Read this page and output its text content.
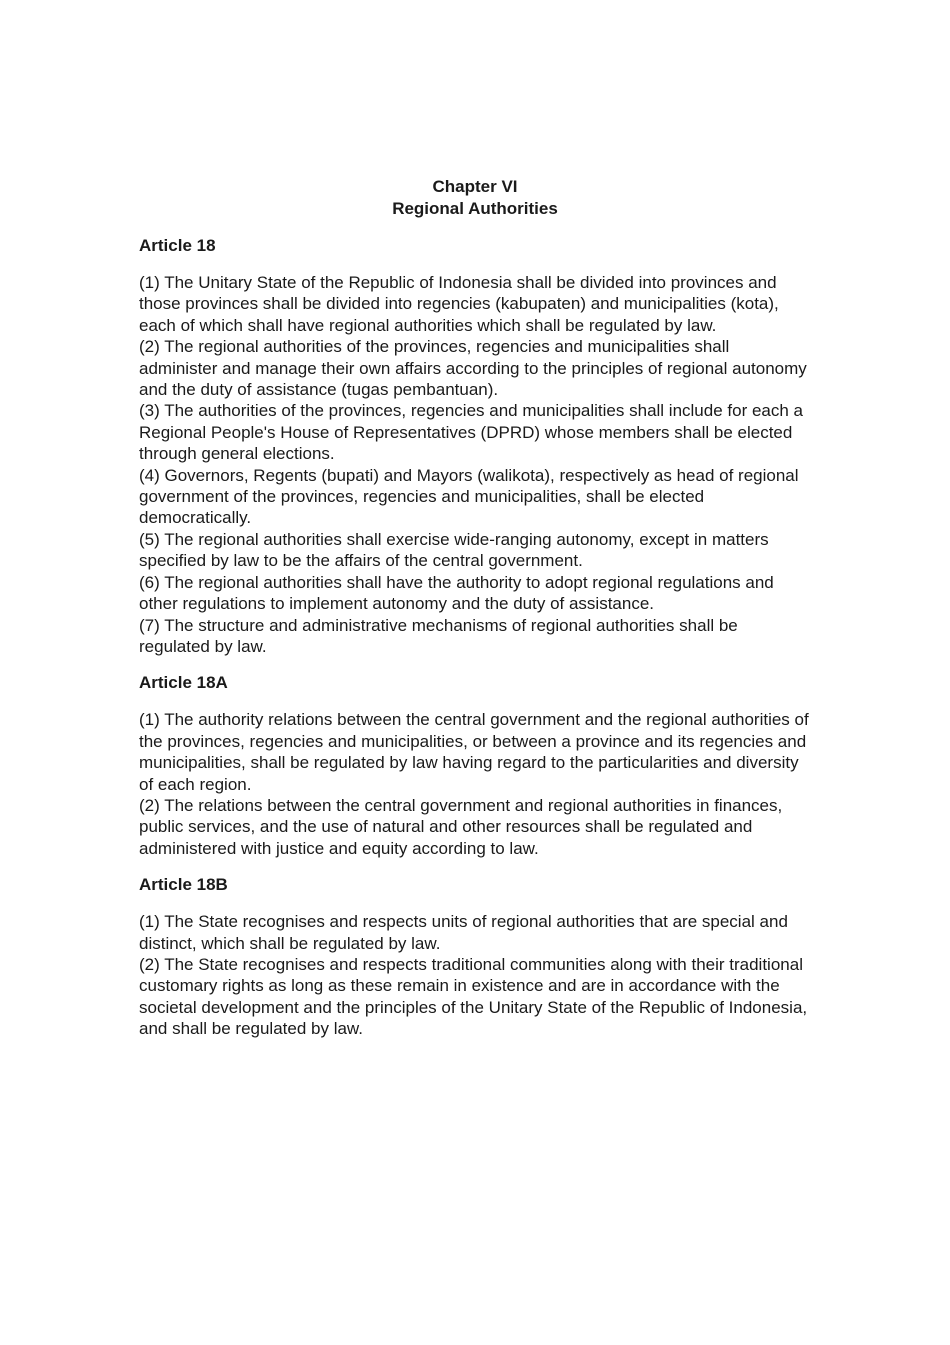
Chapter VI
Regional Authorities
Article 18
(1) The Unitary State of the Republic of Indonesia shall be divided into provinces and those provinces shall be divided into regencies (kabupaten) and municipalities (kota), each of which shall have regional authorities which shall be regulated by law.
(2) The regional authorities of the provinces, regencies and municipalities shall administer and manage their own affairs according to the principles of regional autonomy and the duty of assistance (tugas pembantuan).
(3) The authorities of the provinces, regencies and municipalities shall include for each a Regional People's House of Representatives (DPRD) whose members shall be elected through general elections.
(4) Governors, Regents (bupati) and Mayors (walikota), respectively as head of regional government of the provinces, regencies and municipalities, shall be elected democratically.
(5) The regional authorities shall exercise wide-ranging autonomy, except in matters specified by law to be the affairs of the central government.
(6) The regional authorities shall have the authority to adopt regional regulations and other regulations to implement autonomy and the duty of assistance.
(7) The structure and administrative mechanisms of regional authorities shall be regulated by law.
Article 18A
(1) The authority relations between the central government and the regional authorities of the provinces, regencies and municipalities, or between a province and its regencies and municipalities, shall be regulated by law having regard to the particularities and diversity of each region.
(2) The relations between the central government and regional authorities in finances, public services, and the use of natural and other resources shall be regulated and administered with justice and equity according to law.
Article 18B
(1) The State recognises and respects units of regional authorities that are special and distinct, which shall be regulated by law.
(2) The State recognises and respects traditional communities along with their traditional customary rights as long as these remain in existence and are in accordance with the societal development and the principles of the Unitary State of the Republic of Indonesia, and shall be regulated by law.
